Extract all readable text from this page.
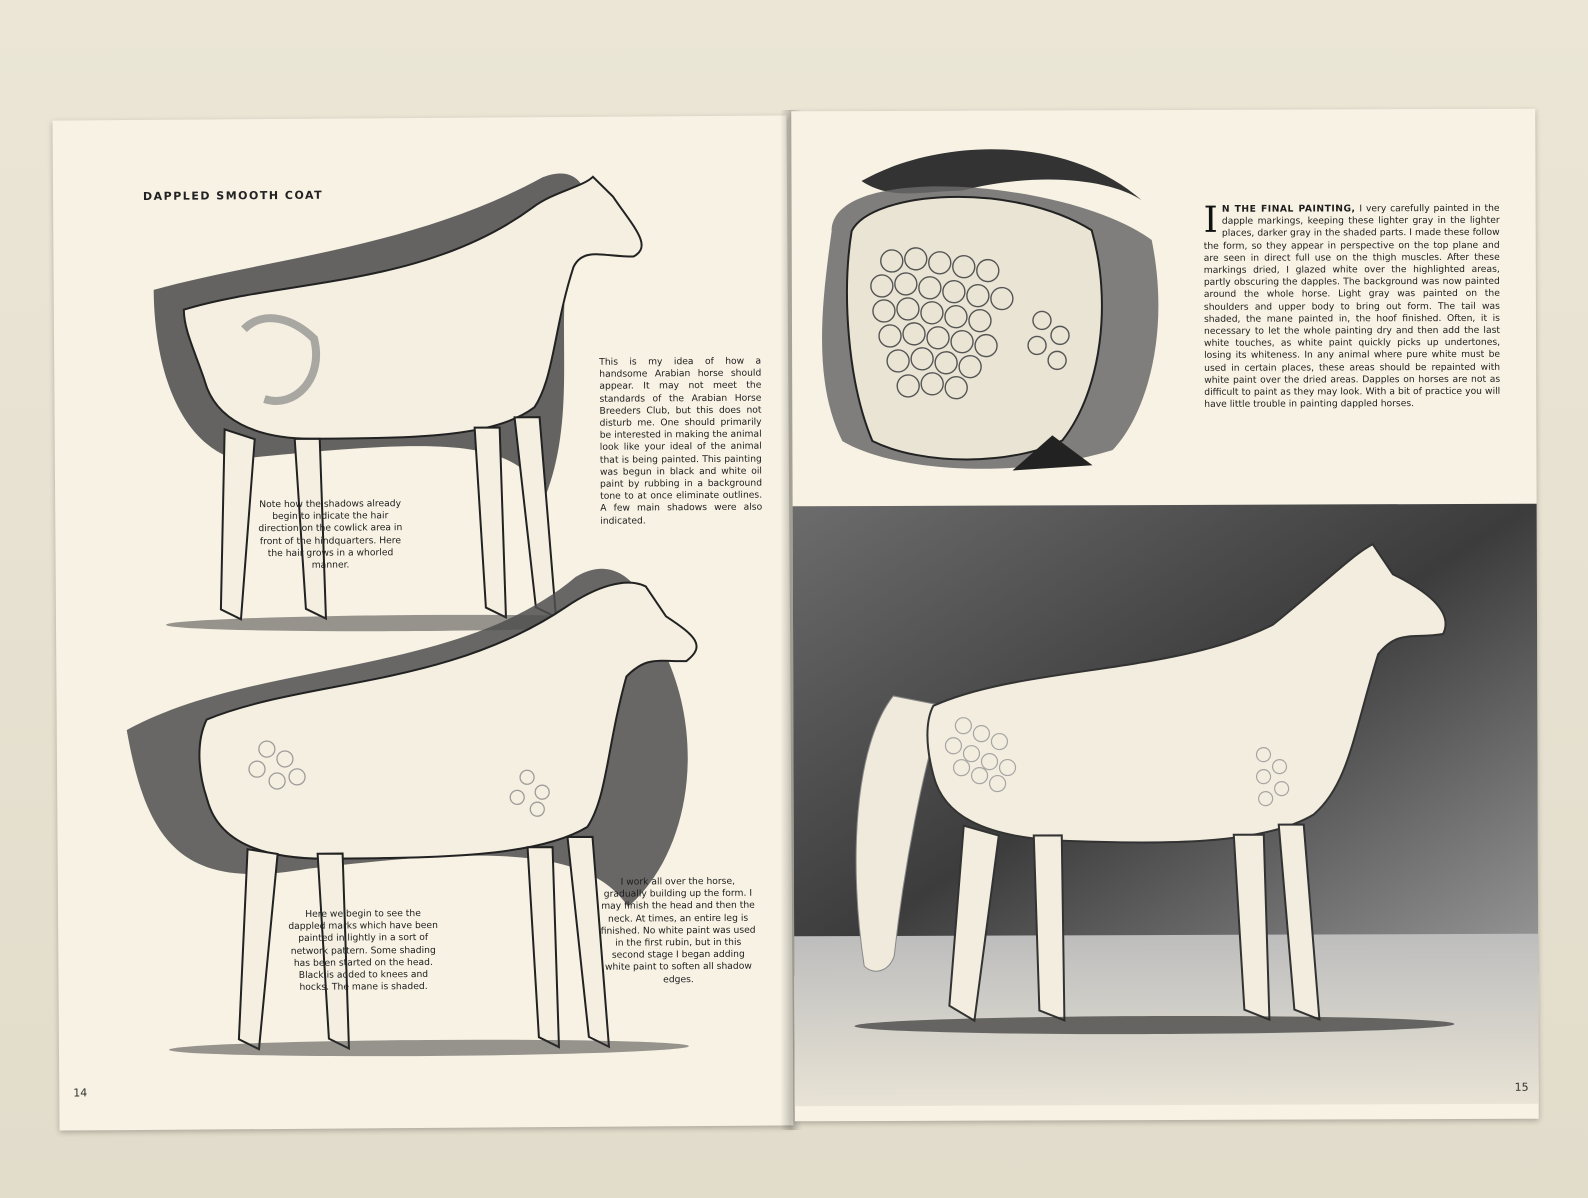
DAPPLED SMOOTH COAT
This is my idea of how a handsome Arabian horse should appear. It may not meet the standards of the Arabian Horse Breeders Club, but this does not disturb me. One should primarily be interested in making the animal look like your ideal of the animal that is being painted. This painting was begun in black and white oil paint by rubbing in a background tone to at once eliminate outlines. A few main shadows were also indicated.
Note how the shadows already begin to indicate the hair direction on the cowlick area in front of the hindquarters. Here the hair grows in a whorled manner.
Here we begin to see the dappled marks which have been painted in lightly in a sort of network pattern. Some shading has been started on the head. Black is added to knees and hocks. The mane is shaded.
I work all over the horse, gradually building up the form. I may finish the head and then the neck. At times, an entire leg is finished. No white paint was used in the first rubin, but in this second stage I began adding white paint to soften all shadow edges.
14
I N THE FINAL PAINTING, I very carefully painted in the dapple markings, keeping these lighter gray in the lighter places, darker gray in the shaded parts. I made these follow the form, so they appear in perspective on the top plane and are seen in direct full use on the thigh muscles. After these markings dried, I glazed white over the highlighted areas, partly obscuring the dapples. The background was now painted around the whole horse. Light gray was painted on the shoulders and upper body to bring out form. The tail was shaded, the mane painted in, the hoof finished. Often, it is necessary to let the whole painting dry and then add the last white touches, as white paint quickly picks up undertones, losing its whiteness. In any animal where pure white must be used in certain places, these areas should be repainted with white paint over the dried areas. Dapples on horses are not as difficult to paint as they may look. With a bit of practice you will have little trouble in painting dappled horses.
15
